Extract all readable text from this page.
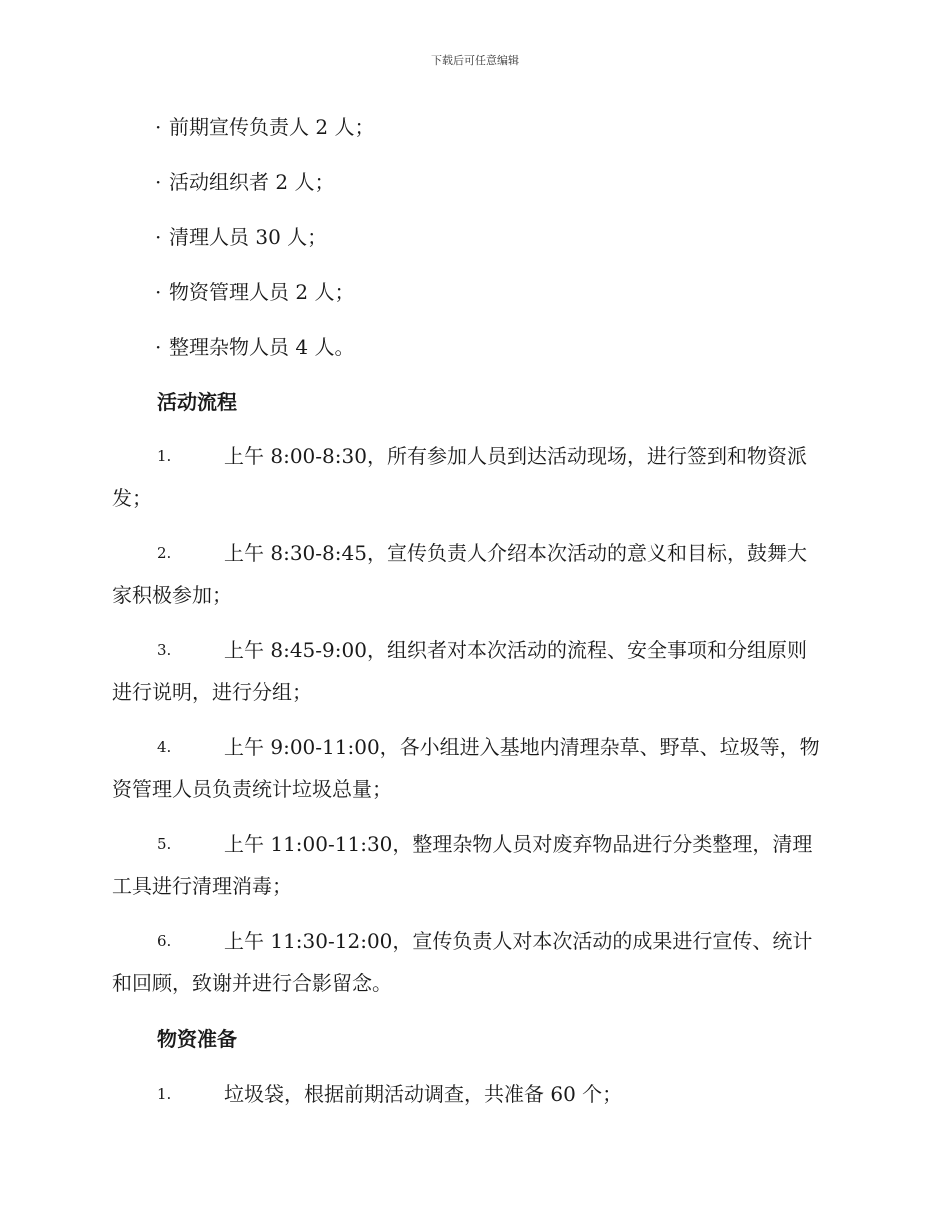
下载后可任意编辑
· 前期宣传负责人 2 人；
· 活动组织者 2 人；
· 清理人员 30 人；
· 物资管理人员 2 人；
· 整理杂物人员 4 人。
活动流程
1.	上午 8:00-8:30，所有参加人员到达活动现场，进行签到和物资派
发；
2.	上午 8:30-8:45，宣传负责人介绍本次活动的意义和目标，鼓舞大
家积极参加；
3.	上午 8:45-9:00，组织者对本次活动的流程、安全事项和分组原则
进行说明，进行分组；
4.	上午 9:00-11:00，各小组进入基地内清理杂草、野草、垃圾等，物
资管理人员负责统计垃圾总量；
5.	上午 11:00-11:30，整理杂物人员对废弃物品进行分类整理，清理
工具进行清理消毒；
6.	上午 11:30-12:00，宣传负责人对本次活动的成果进行宣传、统计
和回顾，致谢并进行合影留念。
物资准备
1.	垃圾袋，根据前期活动调查，共准备 60 个；
